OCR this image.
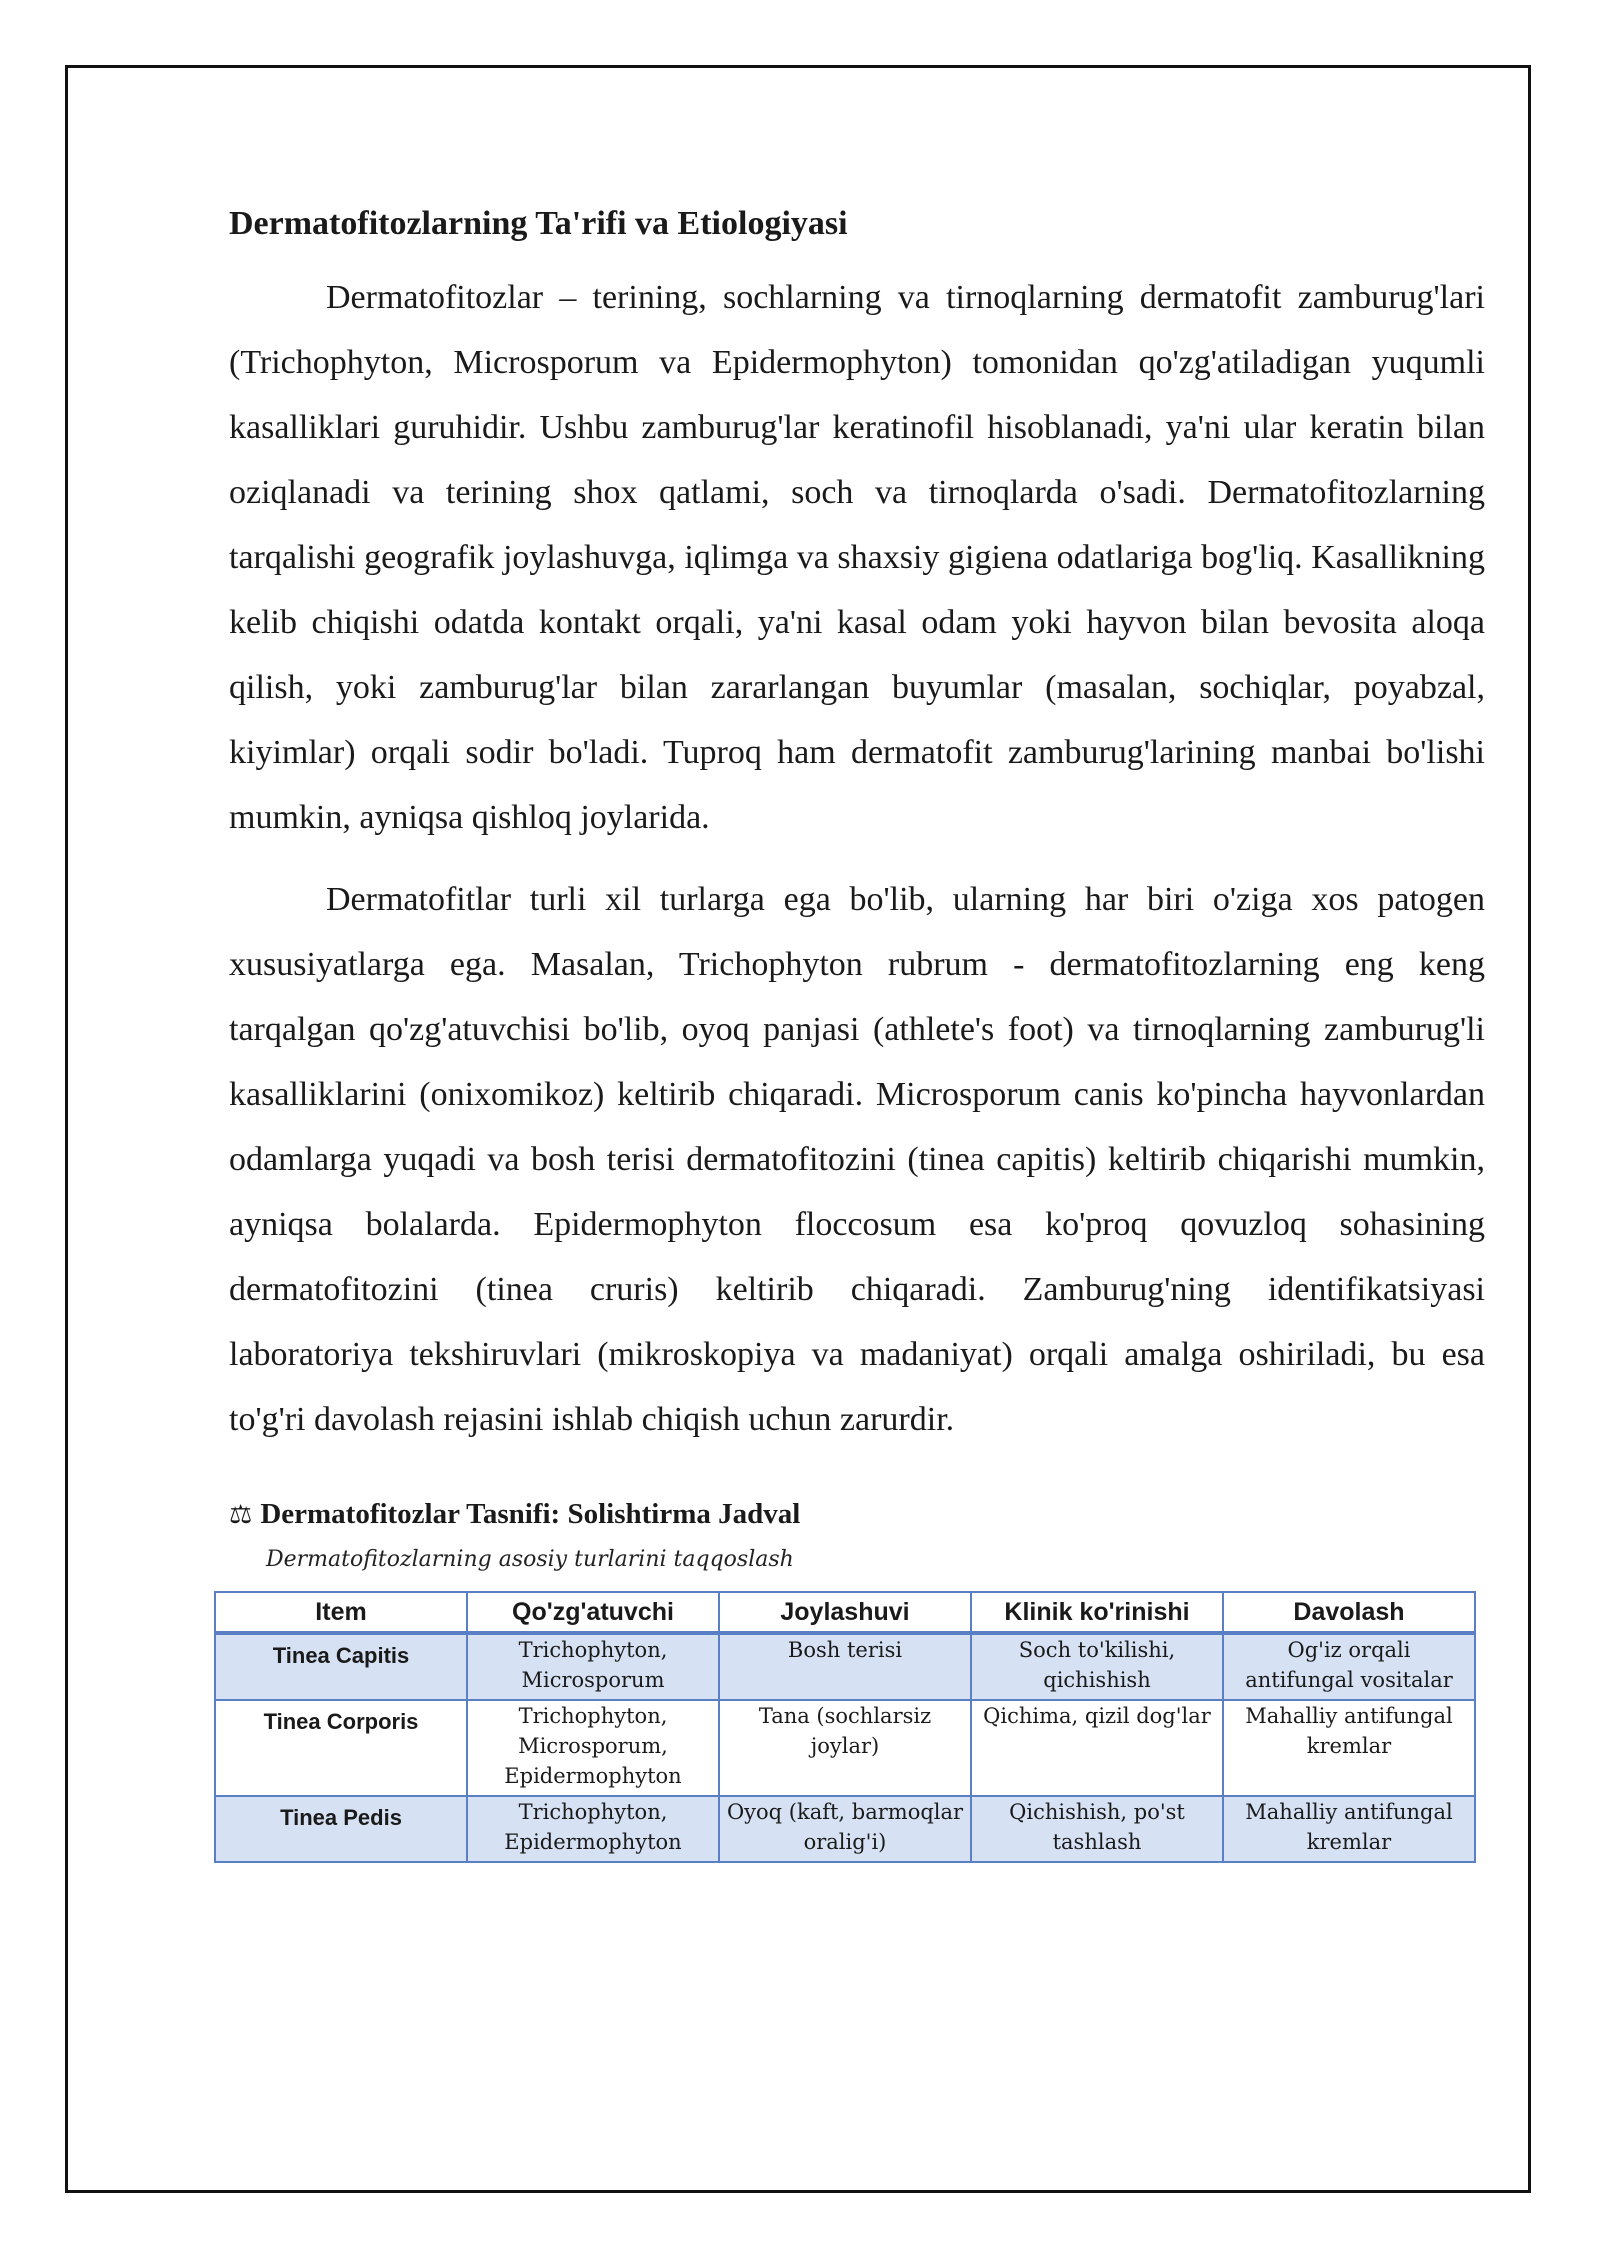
Dermatofitozlarning Ta'rifi va Etiologiyasi

Dermatofitozlar – terining, sochlarning va tirnoqlarning dermatofit zamburug'lari (Trichophyton, Microsporum va Epidermophyton) tomonidan qo'zg'atiladigan yuqumli kasalliklari guruhidir. Ushbu zamburug'lar keratinofil hisoblanadi, ya'ni ular keratin bilan oziqlanadi va terining shox qatlami, soch va tirnoqlarda o'sadi. Dermatofitozlarning tarqalishi geografik joylashuvga, iqlimga va shaxsiy gigiena odatlariga bog'liq. Kasallikning kelib chiqishi odatda kontakt orqali, ya'ni kasal odam yoki hayvon bilan bevosita aloqa qilish, yoki zamburug'lar bilan zararlangan buyumlar (masalan, sochiqlar, poyabzal, kiyimlar) orqali sodir bo'ladi. Tuproq ham dermatofit zamburug'larining manbai bo'lishi mumkin, ayniqsa qishloq joylarida.

Dermatofitlar turli xil turlarga ega bo'lib, ularning har biri o'ziga xos patogen xususiyatlarga ega. Masalan, Trichophyton rubrum - dermatofitozlarning eng keng tarqalgan qo'zg'atuvchisi bo'lib, oyoq panjasi (athlete's foot) va tirnoqlarning zamburug'li kasalliklarini (onixomikoz) keltirib chiqaradi. Microsporum canis ko'pincha hayvonlardan odamlarga yuqadi va bosh terisi dermatofitozini (tinea capitis) keltirib chiqarishi mumkin, ayniqsa bolalarda. Epidermophyton floccosum esa ko'proq qovuzloq sohasining dermatofitozini (tinea cruris) keltirib chiqaradi. Zamburug'ning identifikatsiyasi laboratoriya tekshiruvlari (mikroskopiya va madaniyat) orqali amalga oshiriladi, bu esa to'g'ri davolash rejasini ishlab chiqish uchun zarurdir.

⚖ Dermatofitozlar Tasnifi: Solishtirma Jadval
Dermatofitozlarning asosiy turlarini taqqoslash
Item	Qo'zg'atuvchi	Joylashuvi	Klinik ko'rinishi	Davolash
Tinea Capitis	Trichophyton, Microsporum	Bosh terisi	Soch to'kilishi, qichishish	Og'iz orqali antifungal vositalar
Tinea Corporis	Trichophyton, Microsporum, Epidermophyton	Tana (sochlarsiz joylar)	Qichima, qizil dog'lar	Mahalliy antifungal kremlar
Tinea Pedis	Trichophyton, Epidermophyton	Oyoq (kaft, barmoqlar oralig'i)	Qichishish, po'st tashlash	Mahalliy antifungal kremlar
